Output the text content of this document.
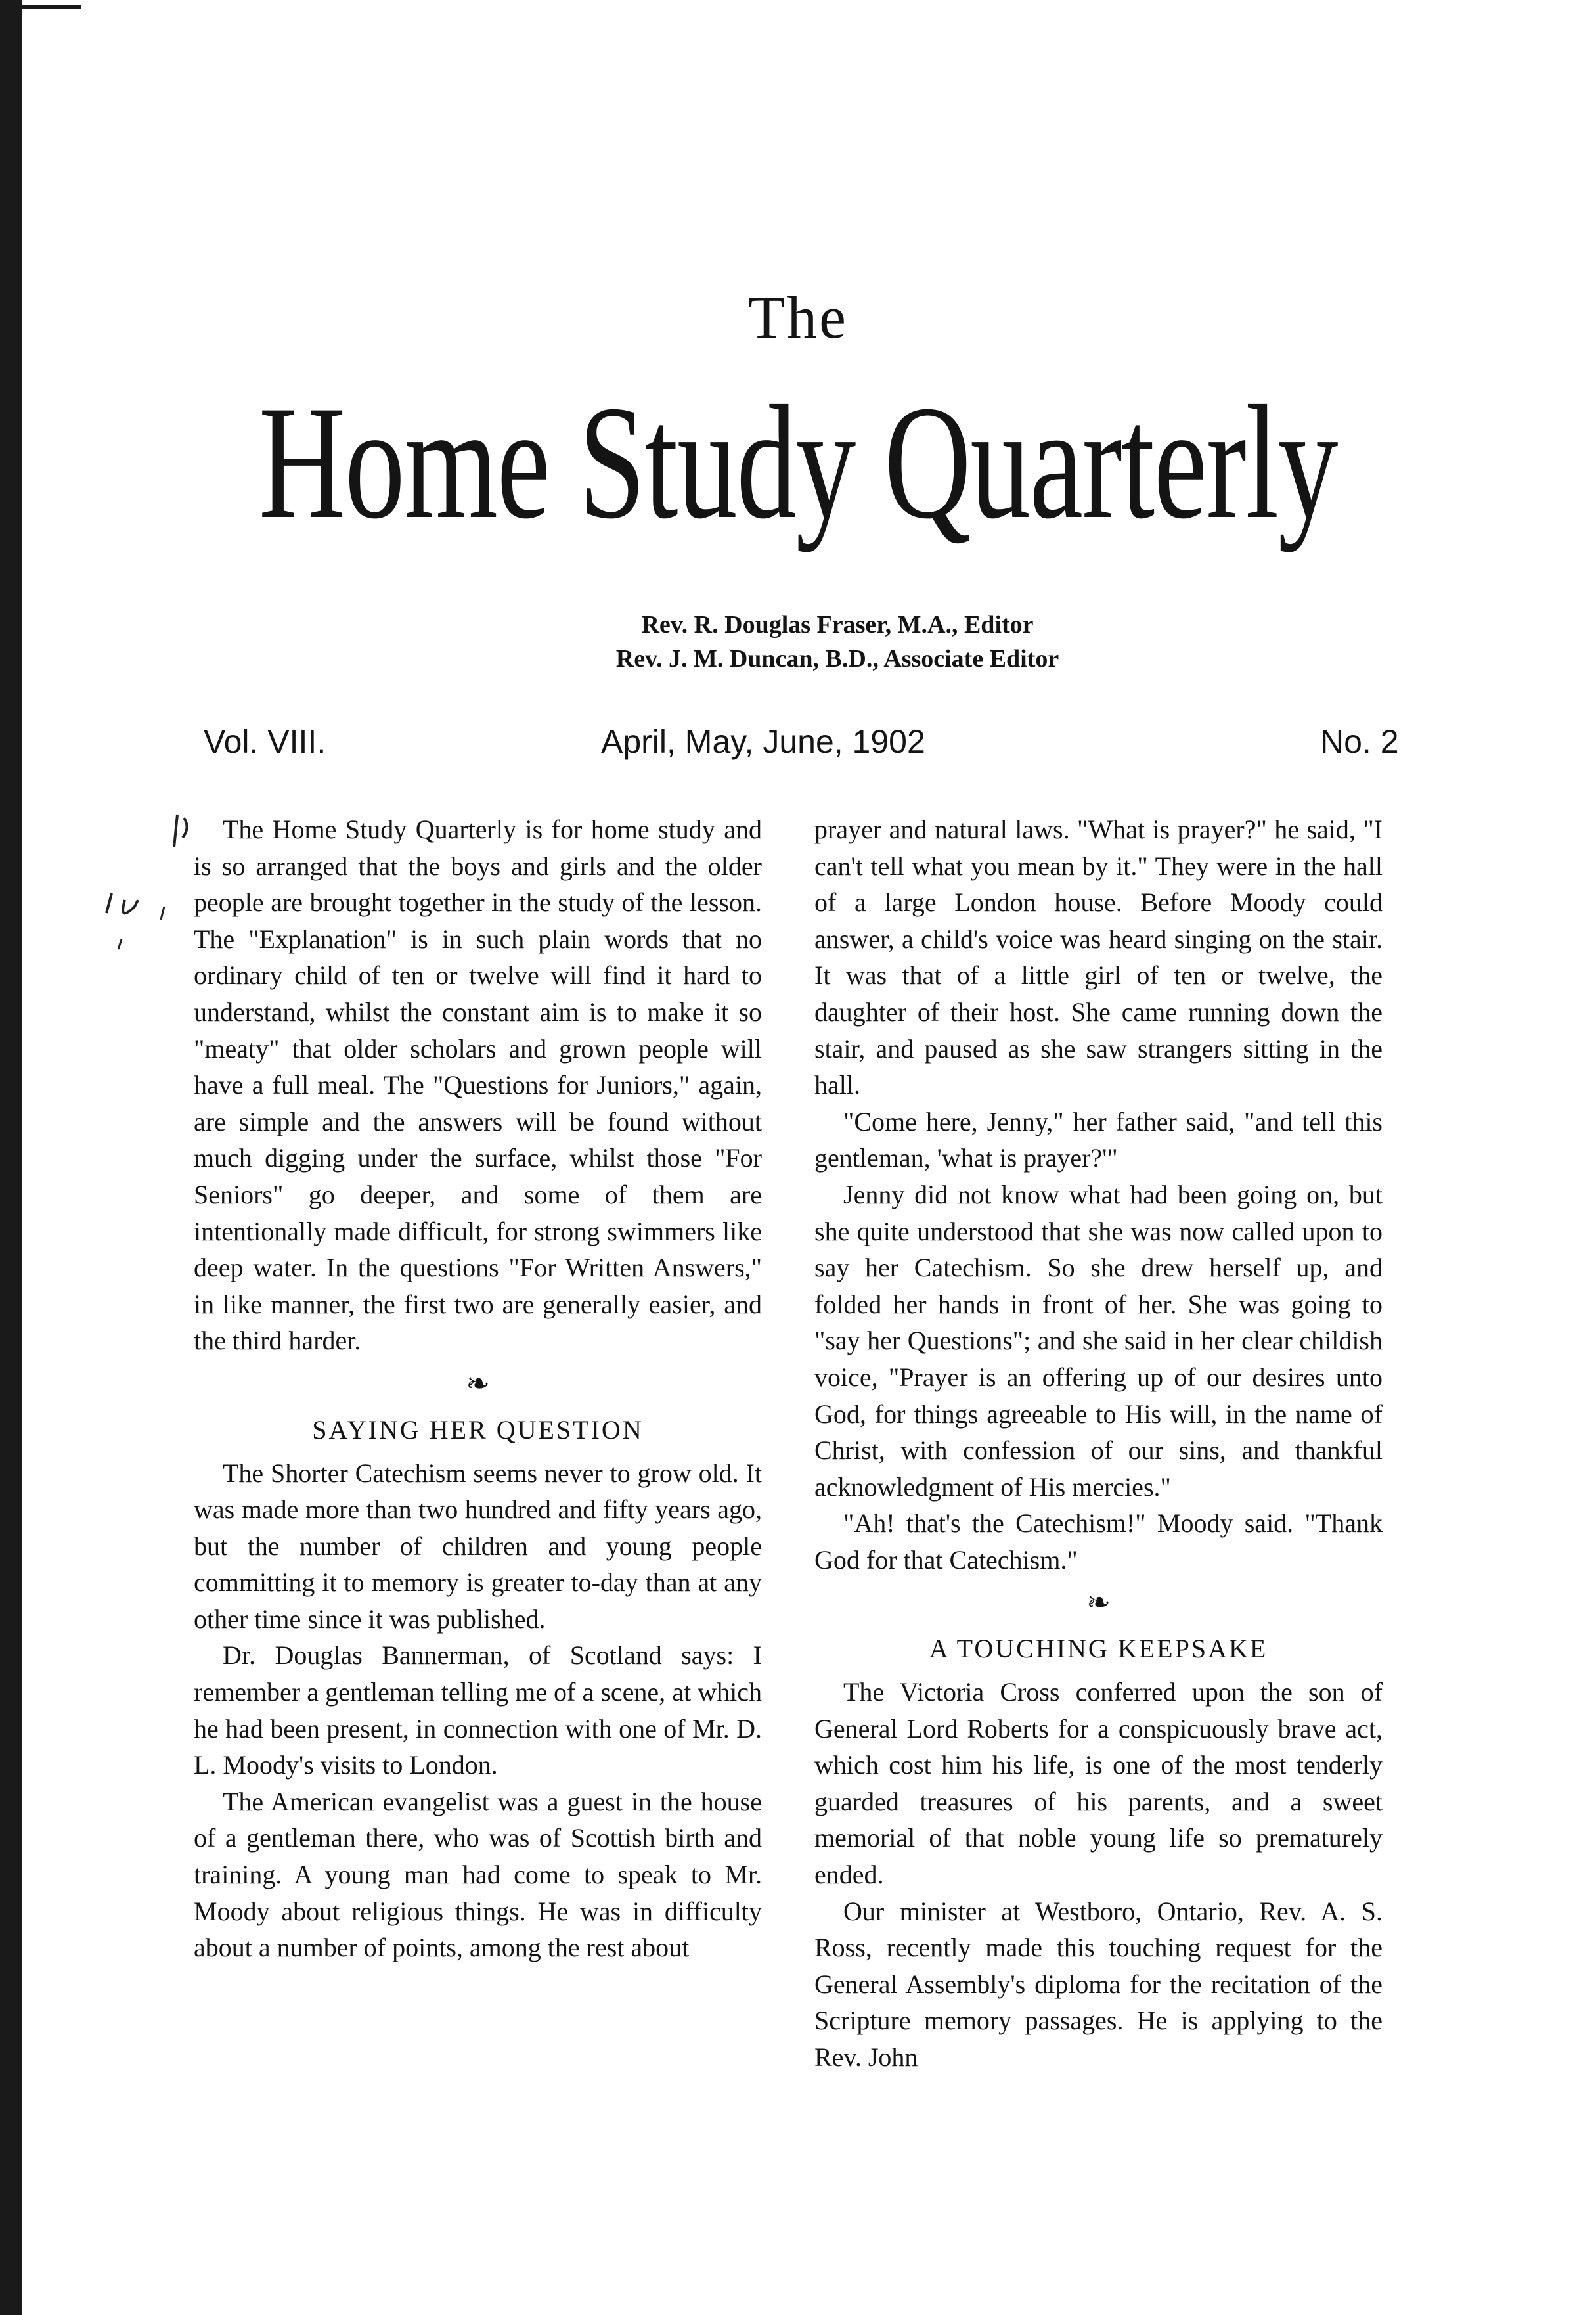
The
Home Study Quarterly
Rev. R. Douglas Fraser, M.A., Editor
Rev. J. M. Duncan, B.D., Associate Editor
Vol. VIII.	April, May, June, 1902	No. 2

The Home Study Quarterly is for home study and is so arranged that the boys and girls and the older people are brought together in the study of the lesson. The "Explanation" is in such plain words that no ordinary child of ten or twelve will find it hard to understand, whilst the constant aim is to make it so "meaty" that older scholars and grown people will have a full meal. The "Questions for Juniors," again, are simple and the answers will be found without much digging under the surface, whilst those "For Seniors" go deeper, and some of them are intentionally made difficult, for strong swimmers like deep water. In the questions "For Written Answers," in like manner, the first two are generally easier, and the third harder.

❧
SAYING HER QUESTION

The Shorter Catechism seems never to grow old. It was made more than two hundred and fifty years ago, but the number of children and young people committing it to memory is greater to-day than at any other time since it was published.

Dr. Douglas Bannerman, of Scotland says: I remember a gentleman telling me of a scene, at which he had been present, in connection with one of Mr. D. L. Moody's visits to London.

The American evangelist was a guest in the house of a gentleman there, who was of Scottish birth and training. A young man had come to speak to Mr. Moody about religious things. He was in difficulty about a number of points, among the rest about

prayer and natural laws. "What is prayer?" he said, "I can't tell what you mean by it." They were in the hall of a large London house. Before Moody could answer, a child's voice was heard singing on the stair. It was that of a little girl of ten or twelve, the daughter of their host. She came running down the stair, and paused as she saw strangers sitting in the hall.

"Come here, Jenny," her father said, "and tell this gentleman, 'what is prayer?'"

Jenny did not know what had been going on, but she quite understood that she was now called upon to say her Catechism. So she drew herself up, and folded her hands in front of her. She was going to "say her Questions"; and she said in her clear childish voice, "Prayer is an offering up of our desires unto God, for things agreeable to His will, in the name of Christ, with confession of our sins, and thankful acknowledgment of His mercies."

"Ah! that's the Catechism!" Moody said. "Thank God for that Catechism."

❧
A TOUCHING KEEPSAKE

The Victoria Cross conferred upon the son of General Lord Roberts for a conspicuously brave act, which cost him his life, is one of the most tenderly guarded treasures of his parents, and a sweet memorial of that noble young life so prematurely ended.

Our minister at Westboro, Ontario, Rev. A. S. Ross, recently made this touching request for the General Assembly's diploma for the recitation of the Scripture memory passages. He is applying to the Rev. John
